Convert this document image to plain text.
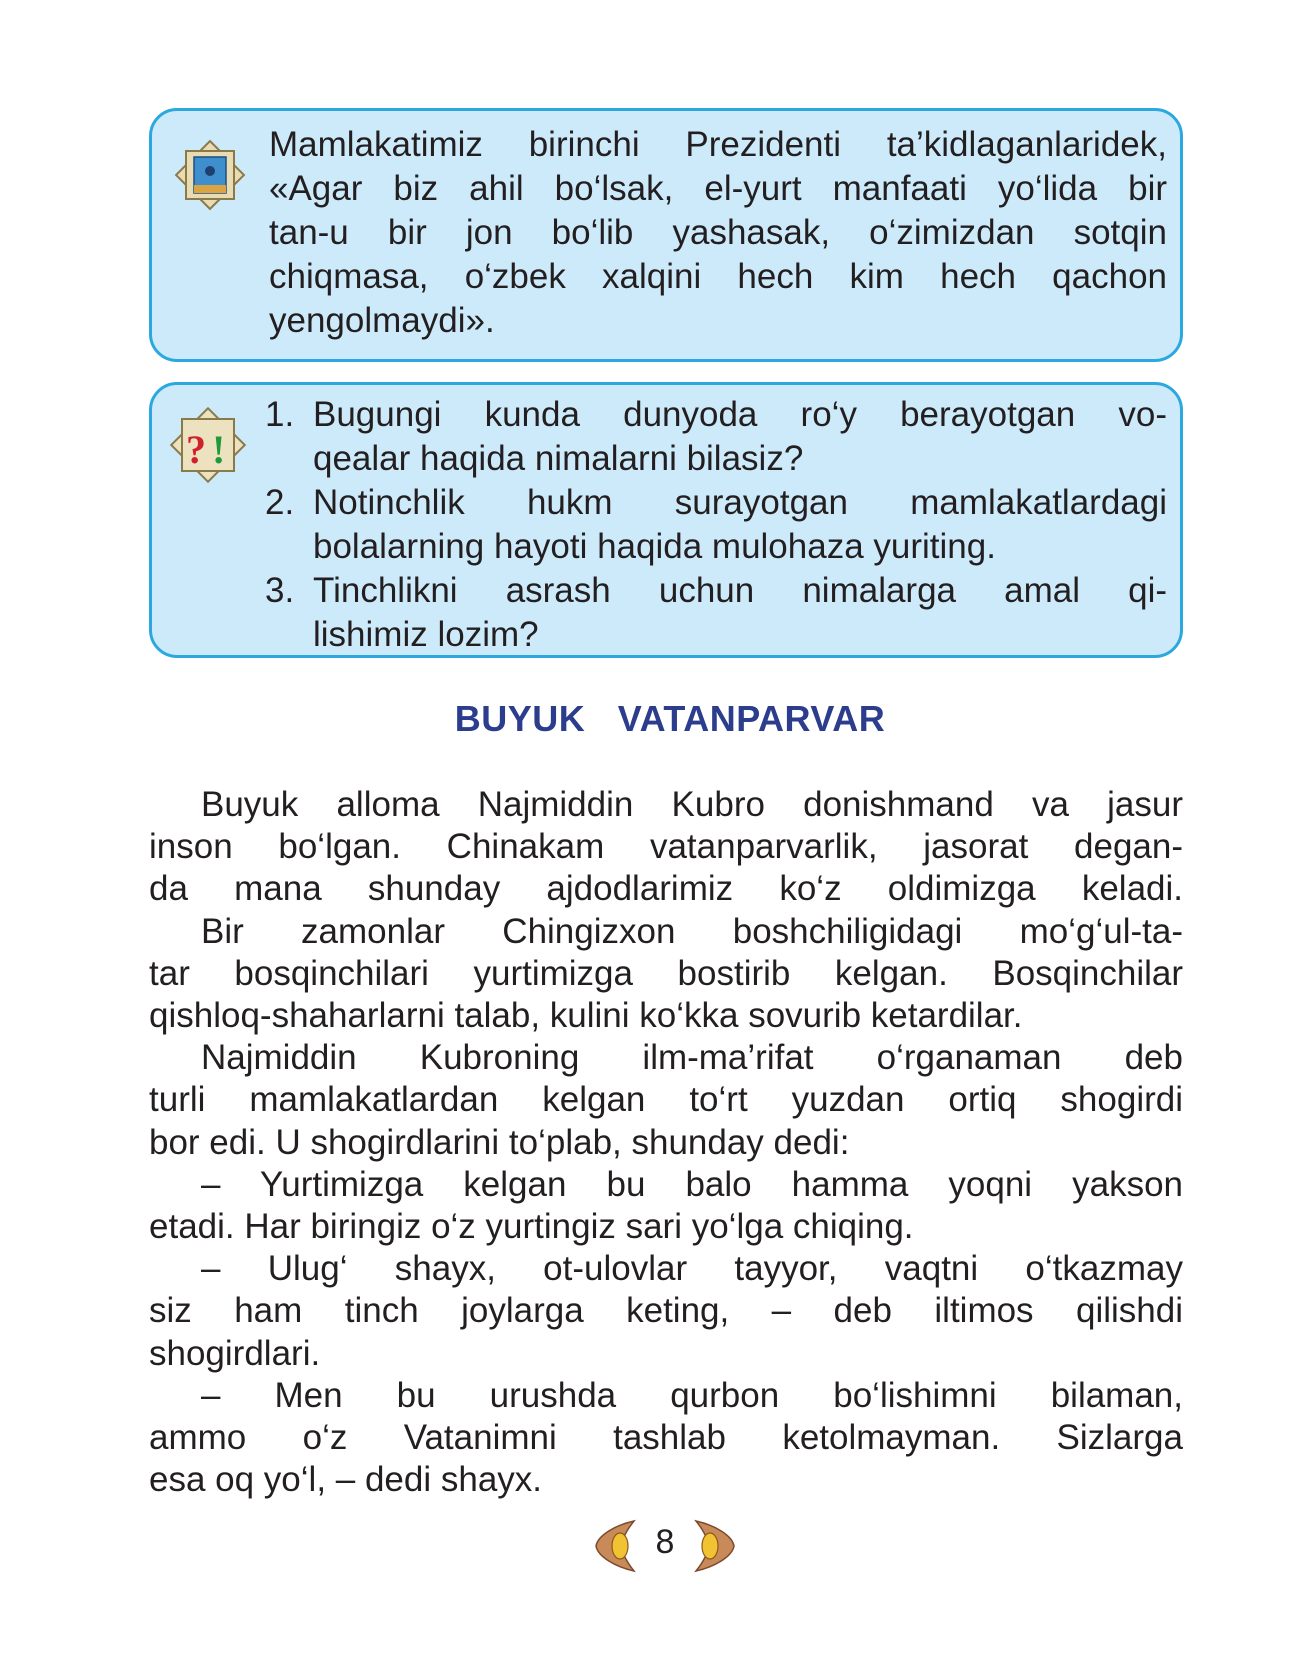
Mamlakatimiz birinchi Prezidenti ta’kidlaganlaridek,
«Agar biz ahil bo‘lsak, el-yurt manfaati yo‘lida bir
tan-u bir jon bo‘lib yashasak, o‘zimizdan sotqin
chiqmasa, o‘zbek xalqini hech kim hech qachon
yengolmaydi».
? !
1. Bugungi kunda dunyoda ro‘y berayotgan vo-
qealar haqida nimalarni bilasiz?
2. Notinchlik hukm surayotgan mamlakatlardagi
bolalarning hayoti haqida mulohaza yuriting.
3. Tinchlikni asrash uchun nimalarga amal qi-
lishimiz lozim?
BUYUK VATANPARVAR
Buyuk alloma Najmiddin Kubro donishmand va jasur
inson bo‘lgan. Chinakam vatanparvarlik, jasorat degan-
da mana shunday ajdodlarimiz ko‘z oldimizga keladi.
Bir zamonlar Chingizxon boshchiligidagi mo‘g‘ul-ta-
tar bosqinchilari yurtimizga bostirib kelgan. Bosqinchilar
qishloq-shaharlarni talab, kulini ko‘kka sovurib ketardilar.
Najmiddin Kubroning ilm-ma’rifat o‘rganaman deb
turli mamlakatlardan kelgan to‘rt yuzdan ortiq shogirdi
bor edi. U shogirdlarini to‘plab, shunday dedi:
– Yurtimizga kelgan bu balo hamma yoqni yakson
etadi. Har biringiz o‘z yurtingiz sari yo‘lga chiqing.
– Ulug‘ shayx, ot-ulovlar tayyor, vaqtni o‘tkazmay
siz ham tinch joylarga keting, – deb iltimos qilishdi
shogirdlari.
– Men bu urushda qurbon bo‘lishimni bilaman,
ammo o‘z Vatanimni tashlab ketolmayman. Sizlarga
esa oq yo‘l, – dedi shayx.
8
